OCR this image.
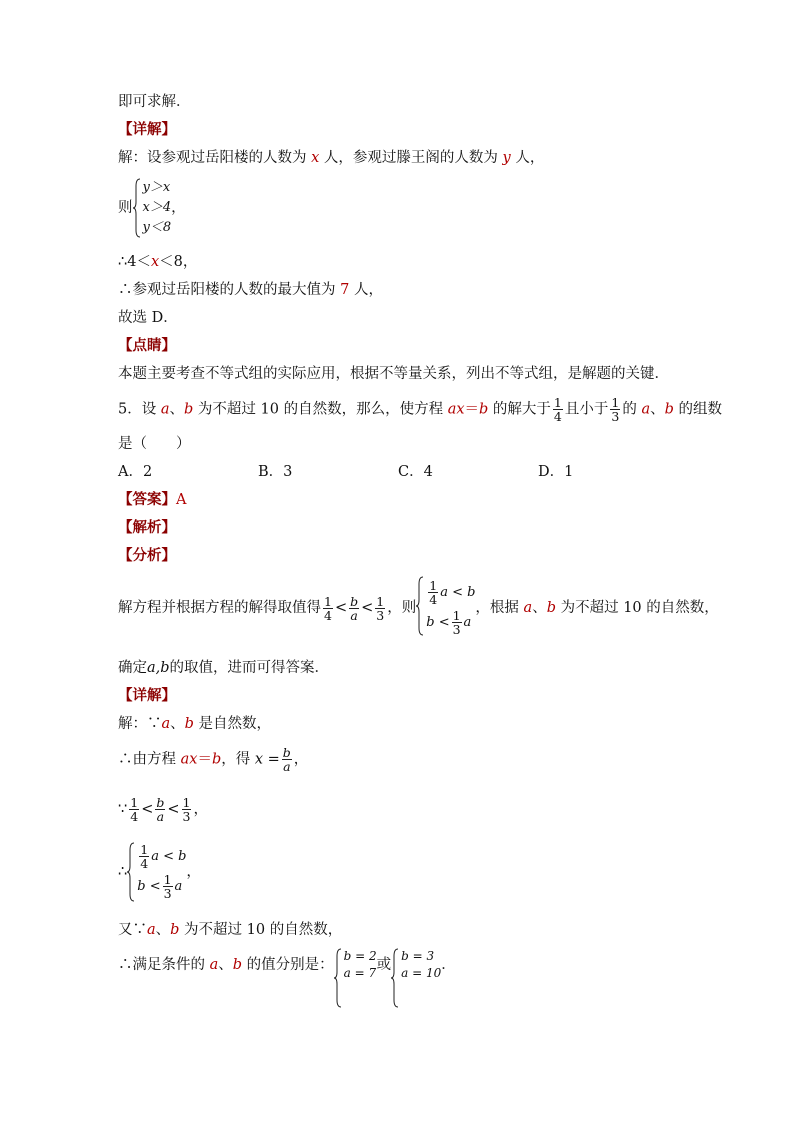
即可求解．
【详解】
解：设参观过岳阳楼的人数为 x 人，参观过滕王阁的人数为 y 人，
则
y＞x
x＞4
y＜8
，
∴4＜x＜8，
∴参观过岳阳楼的人数的最大值为 7 人，
故选 D．
【点睛】
本题主要考查不等式组的实际应用，根据不等量关系，列出不等式组，是解题的关键．
5．设 a、b 为不超过 10 的自然数，那么，使方程 ax＝b 的解大于 $\frac{1}{4}$ 且小于 $\frac{1}{3}$ 的 a、b 的组数
是（　　）
A．2	B．3	C．4	D．1
【答案】A
【解析】
【分析】
解方程并根据方程的解得取值得 $\frac{1}{4} < \frac{b}{a} < \frac{1}{3}$ ，则
$\frac{1}{4}$ a < b
$b < \frac{1}{3}$ a
，根据 a、b 为不超过 10 的自然数，
确定a,b的取值，进而可得答案．
【详解】
解：∵a、b 是自然数，
∴由方程 ax＝b，得 $x = \frac{b}{a}$ ，
∵ $\frac{1}{4} < \frac{b}{a} < \frac{1}{3}$ ，
∴
$\frac{1}{4}$ a < b
$b < \frac{1}{3}$ a
，
又∵a、b 为不超过 10 的自然数，
∴满足条件的 a、b 的值分别是：
b = 2
a = 7 或
b = 3
a = 10 ．
